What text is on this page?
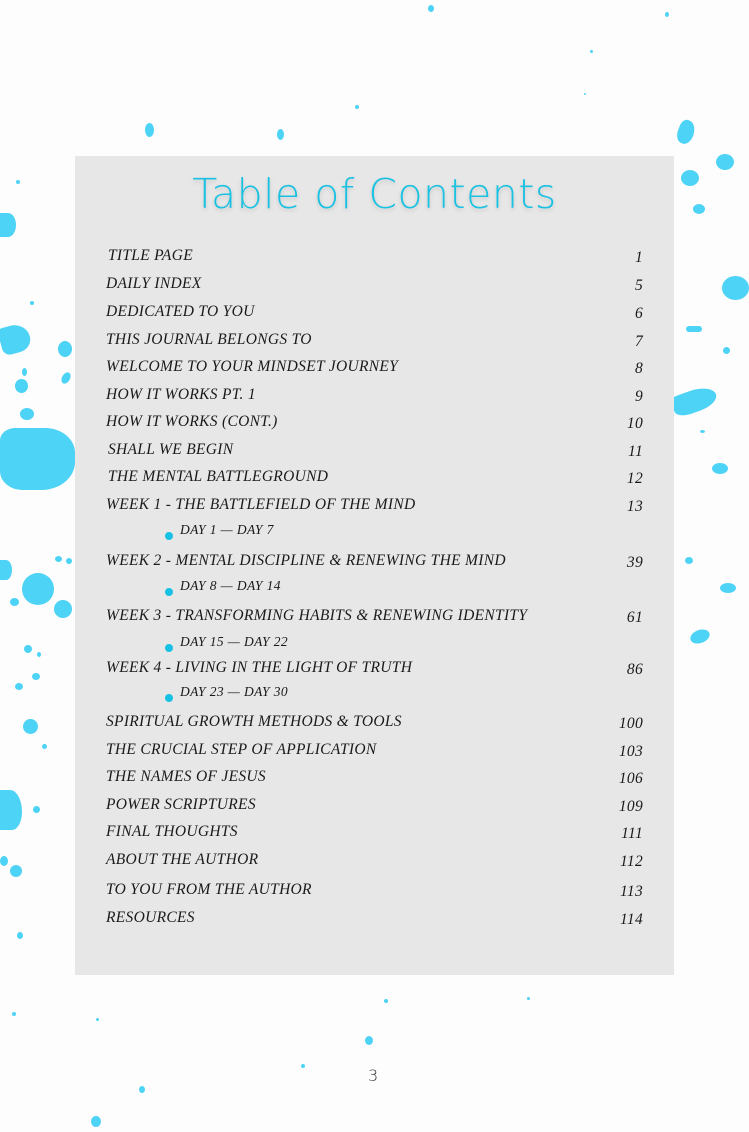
Table of Contents
TITLE PAGE	1
DAILY INDEX	5
DEDICATED TO YOU	6
THIS JOURNAL BELONGS TO	7
WELCOME TO YOUR MINDSET JOURNEY	8
HOW IT WORKS PT. 1	9
HOW IT WORKS (CONT.)	10
SHALL WE BEGIN	11
THE MENTAL BATTLEGROUND	12
WEEK 1 - THE BATTLEFIELD OF THE MIND	13
DAY 1 — DAY 7
WEEK 2 - MENTAL DISCIPLINE & RENEWING THE MIND	39
DAY 8 — DAY 14
WEEK 3 - TRANSFORMING HABITS & RENEWING IDENTITY	61
DAY 15 — DAY 22
WEEK 4 - LIVING IN THE LIGHT OF TRUTH	86
DAY 23 — DAY 30
SPIRITUAL GROWTH METHODS & TOOLS	100
THE CRUCIAL STEP OF APPLICATION	103
THE NAMES OF JESUS	106
POWER SCRIPTURES	109
FINAL THOUGHTS	111
ABOUT THE AUTHOR	112
TO YOU FROM THE AUTHOR	113
RESOURCES	114
3
